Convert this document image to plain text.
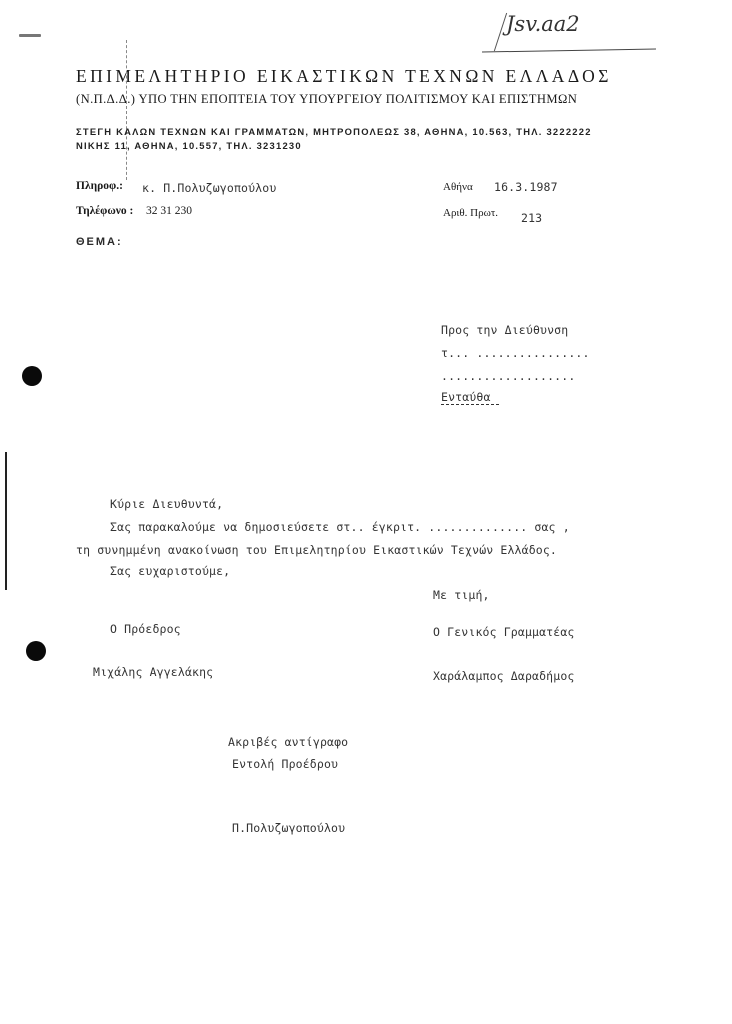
Jsv.aa2
ΕΠΙΜΕΛΗΤΗΡΙΟ ΕΙΚΑΣΤΙΚΩΝ ΤΕΧΝΩΝ ΕΛΛΑΔΟΣ
(Ν.Π.Δ.Δ.) ΥΠΟ ΤΗΝ ΕΠΟΠΤΕΙΑ ΤΟΥ ΥΠΟΥΡΓΕΙΟΥ ΠΟΛΙΤΙΣΜΟΥ ΚΑΙ ΕΠΙΣΤΗΜΩΝ
ΣΤΕΓΗ ΚΑΛΩΝ ΤΕΧΝΩΝ ΚΑΙ ΓΡΑΜΜΑΤΩΝ, ΜΗΤΡΟΠΟΛΕΩΣ 38, ΑΘΗΝΑ, 10.563, ΤΗΛ. 3222222
ΝΙΚΗΣ 11, ΑΘΗΝΑ, 10.557, ΤΗΛ. 3231230
Πληροφ.: κ. Π.Πολυζωγοπούλου
Τηλέφωνο : 32 31 230
ΘΕΜΑ:
Αθήνα 16.3.1987
Αριθ. Πρωτ. 213
Προς την Διεύθυνση
τ... ................
...................
Ενταύθα
Κύριε Διευθυντά,
Σας παρακαλούμε να δημοσιεύσετε στ.. έγκριτ. .............. σας ,
τη συνημμένη ανακοίνωση του Επιμελητηρίου Εικαστικών Τεχνών Ελλάδος.
Σας ευχαριστούμε,
Με τιμή,
Ο Πρόεδρος	Ο Γενικός Γραμματέας
Μιχάλης Αγγελάκης	Χαράλαμπος Δαραδήμος
Ακριβές αντίγραφο
Εντολή Προέδρου
Π.Πολυζωγοπούλου
